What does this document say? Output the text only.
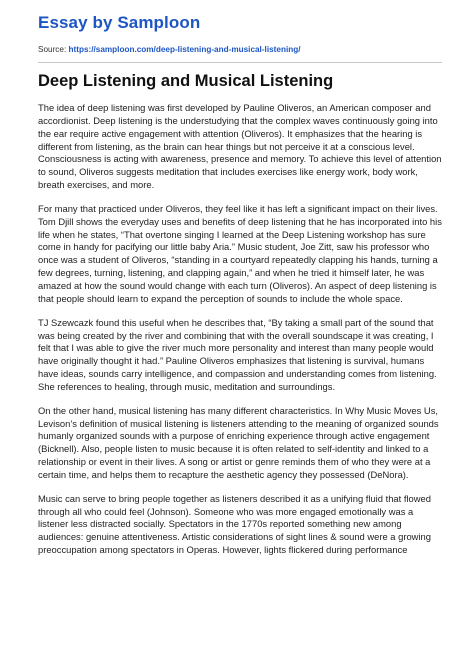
Essay by Samploon
Source: https://samploon.com/deep-listening-and-musical-listening/
Deep Listening and Musical Listening

The idea of deep listening was first developed by Pauline Oliveros, an American composer and accordionist. Deep listening is the understudying that the complex waves continuously going into the ear require active engagement with attention (Oliveros). It emphasizes that the hearing is different from listening, as the brain can hear things but not perceive it at a conscious level. Consciousness is acting with awareness, presence and memory. To achieve this level of attention to sound, Oliveros suggests meditation that includes exercises like energy work, body work, breath exercises, and more.

For many that practiced under Oliveros, they feel like it has left a significant impact on their lives. Tom Djill shows the everyday uses and benefits of deep listening that he has incorporated into his life when he states, “That overtone singing I learned at the Deep Listening workshop has sure come in handy for pacifying our little baby Aria.” Music student, Joe Zitt, saw his professor who once was a student of Oliveros, “standing in a courtyard repeatedly clapping his hands, turning a few degrees, turning, listening, and clapping again,” and when he tried it himself later, he was amazed at how the sound would change with each turn (Oliveros). An aspect of deep listening is that people should learn to expand the perception of sounds to include the whole space.

TJ Szewcazk found this useful when he describes that, “By taking a small part of the sound that was being created by the river and combining that with the overall soundscape it was creating, I felt that I was able to give the river much more personality and interest than many people would have originally thought it had.” Pauline Oliveros emphasizes that listening is survival, humans have ideas, sounds carry intelligence, and compassion and understanding comes from listening. She references to healing, through music, meditation and surroundings.

On the other hand, musical listening has many different characteristics. In Why Music Moves Us, Levison’s definition of musical listening is listeners attending to the meaning of organized sounds humanly organized sounds with a purpose of enriching experience through active engagement (Bicknell). Also, people listen to music because it is often related to self-identity and linked to a relationship or event in their lives. A song or artist or genre reminds them of who they were at a certain time, and helps them to recapture the aesthetic agency they possessed (DeNora).

Music can serve to bring people together as listeners described it as a unifying fluid that flowed through all who could feel (Johnson). Someone who was more engaged emotionally was a listener less distracted socially. Spectators in the 1770s reported something new among audiences: genuine attentiveness. Artistic considerations of sight lines & sound were a growing preoccupation among spectators in Operas. However, lights flickered during performance
